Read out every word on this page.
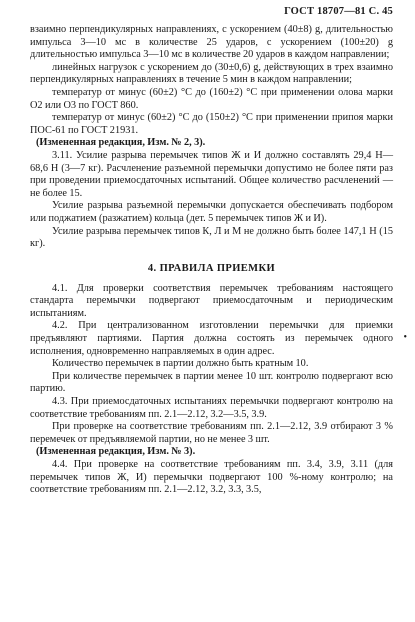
ГОСТ 18707—81 С. 45

взаимно перпендикулярных направлениях, с ускорением (40±8) g, длительностью импульса 3—10 мс в количестве 25 ударов, с ускорением (100±20) g длительностью импульса 3—10 мс в количестве 20 ударов в каждом направлении;

линейных нагрузок с ускорением до (30±0,6) g, действующих в трех взаимно перпендикулярных направлениях в течение 5 мин в каждом направлении;

температур от минус (60±2) °С до (160±2) °С при применении олова марки О2 или О3 по ГОСТ 860.

температур от минус (60±2) °С до (150±2) °С при применении припоя марки ПОС-61 по ГОСТ 21931.

(Измененная редакция, Изм. № 2, 3).

3.11. Усилие разрыва перемычек типов Ж и И должно составлять 29,4 Н—68,6 Н (3—7 кг). Расчленение разъемной перемычки допустимо не более пяти раз при проведении приемосдаточных испытаний. Общее количество расчленений — не более 15.

Усилие разрыва разъемной перемычки допускается обеспечивать подбором или поджатием (разжатием) кольца (дет. 5 перемычек типов Ж и И).

Усилие разрыва перемычек типов К, Л и М не должно быть более 147,1 Н (15 кг).

4. ПРАВИЛА ПРИЕМКИ

4.1. Для проверки соответствия перемычек требованиям настоящего стандарта перемычки подвергают приемосдаточным и периодическим испытаниям.

4.2. При централизованном изготовлении перемычки для приемки предъявляют партиями. Партия должна состоять из перемычек одного исполнения, одновременно направляемых в один адрес.

Количество перемычек в партии должно быть кратным 10.

При количестве перемычек в партии менее 10 шт. контролю подвергают всю партию.

4.3. При приемосдаточных испытаниях перемычки подвергают контролю на соответствие требованиям пп. 2.1—2.12, 3.2—3.5, 3.9.

При проверке на соответствие требованиям пп. 2.1—2.12, 3.9 отбирают 3 % перемечек от предъявляемой партии, но не менее 3 шт.

(Измененная редакция, Изм. № 3).

4.4. При проверке на соответствие требованиям пп. 3.4, 3.9, 3.11 (для перемычек типов Ж, И) перемычки подвергают 100 %-ному контролю; на соответствие требованиям пп. 2.1—2.12, 3.2, 3.3, 3.5,

•
